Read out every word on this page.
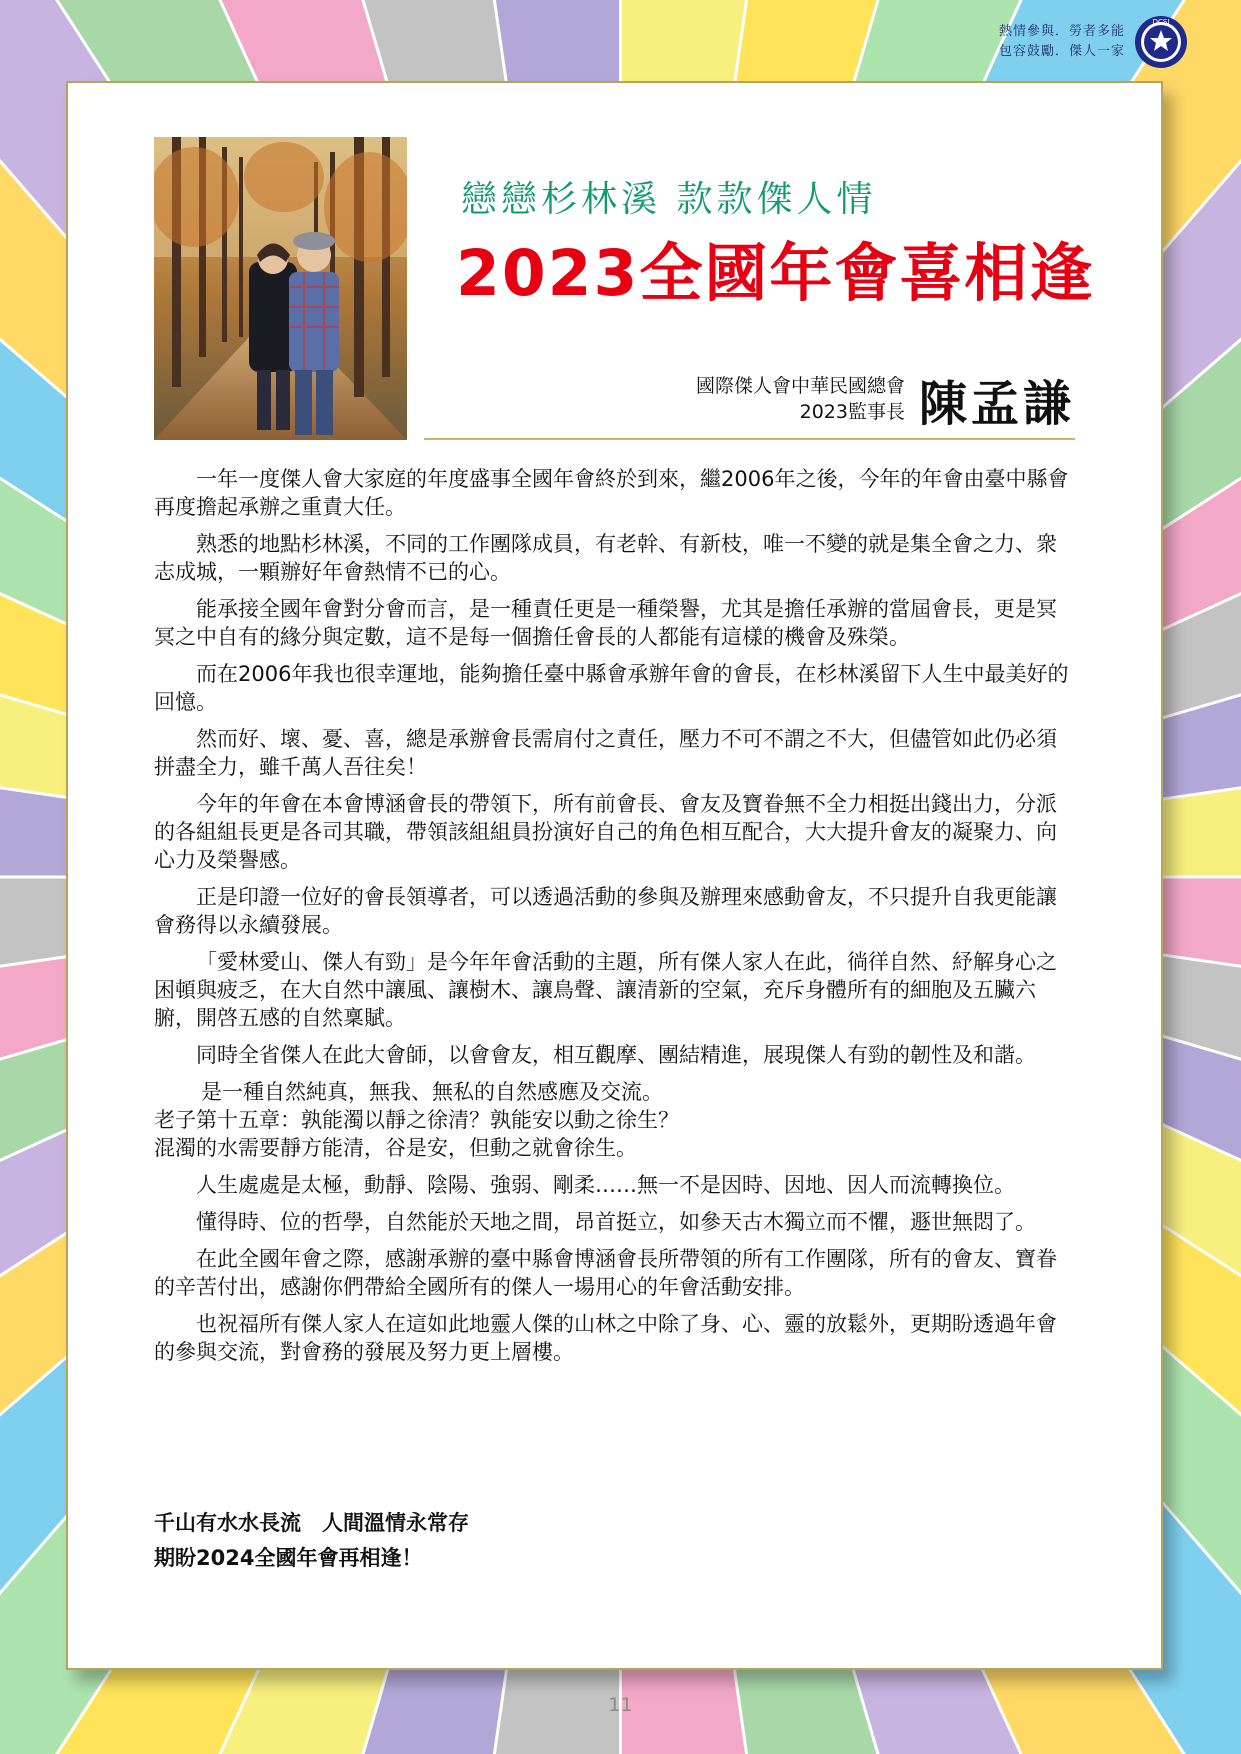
熱情參與．勞者多能
包容鼓勵．傑人一家
DCSI
戀戀杉林溪 款款傑人情
2023全國年會喜相逢
國際傑人會中華民國總會
2023監事長 陳孟謙

一年一度傑人會大家庭的年度盛事全國年會終於到來，繼2006年之後，今年的年會由臺中縣會再度擔起承辦之重責大任。

熟悉的地點杉林溪，不同的工作團隊成員，有老幹、有新枝，唯一不變的就是集全會之力、衆志成城，一顆辦好年會熱情不已的心。

能承接全國年會對分會而言，是一種責任更是一種榮譽，尤其是擔任承辦的當屆會長，更是冥冥之中自有的緣分與定數，這不是每一個擔任會長的人都能有這樣的機會及殊榮。

而在2006年我也很幸運地，能夠擔任臺中縣會承辦年會的會長，在杉林溪留下人生中最美好的回憶。

然而好、壞、憂、喜，總是承辦會長需肩付之責任，壓力不可不謂之不大，但儘管如此仍必須拼盡全力，雖千萬人吾往矣！

今年的年會在本會博涵會長的帶領下，所有前會長、會友及寶眷無不全力相挺出錢出力，分派的各組組長更是各司其職，帶領該組組員扮演好自己的角色相互配合，大大提升會友的凝聚力、向心力及榮譽感。

正是印證一位好的會長領導者，可以透過活動的參與及辦理來感動會友，不只提升自我更能讓會務得以永續發展。

「愛林愛山、傑人有勁」是今年年會活動的主題，所有傑人家人在此，徜徉自然、紓解身心之困頓與疲乏，在大自然中讓風、讓樹木、讓鳥聲、讓清新的空氣，充斥身體所有的細胞及五臟六腑，開啓五感的自然稟賦。

同時全省傑人在此大會師，以會會友，相互觀摩、團結精進，展現傑人有勁的韌性及和諧。

是一種自然純真，無我、無私的自然感應及交流。
老子第十五章：孰能濁以靜之徐清？孰能安以動之徐生？
混濁的水需要靜方能清，谷是安，但動之就會徐生。

人生處處是太極，動靜、陰陽、強弱、剛柔……無一不是因時、因地、因人而流轉換位。

懂得時、位的哲學，自然能於天地之間，昂首挺立，如參天古木獨立而不懼，遯世無悶了。

在此全國年會之際，感謝承辦的臺中縣會博涵會長所帶領的所有工作團隊，所有的會友、寶眷的辛苦付出，感謝你們帶給全國所有的傑人一場用心的年會活動安排。

也祝福所有傑人家人在這如此地靈人傑的山林之中除了身、心、靈的放鬆外，更期盼透過年會的參與交流，對會務的發展及努力更上層樓。

千山有水水長流　人間溫情永常存
期盼2024全國年會再相逢！
11
